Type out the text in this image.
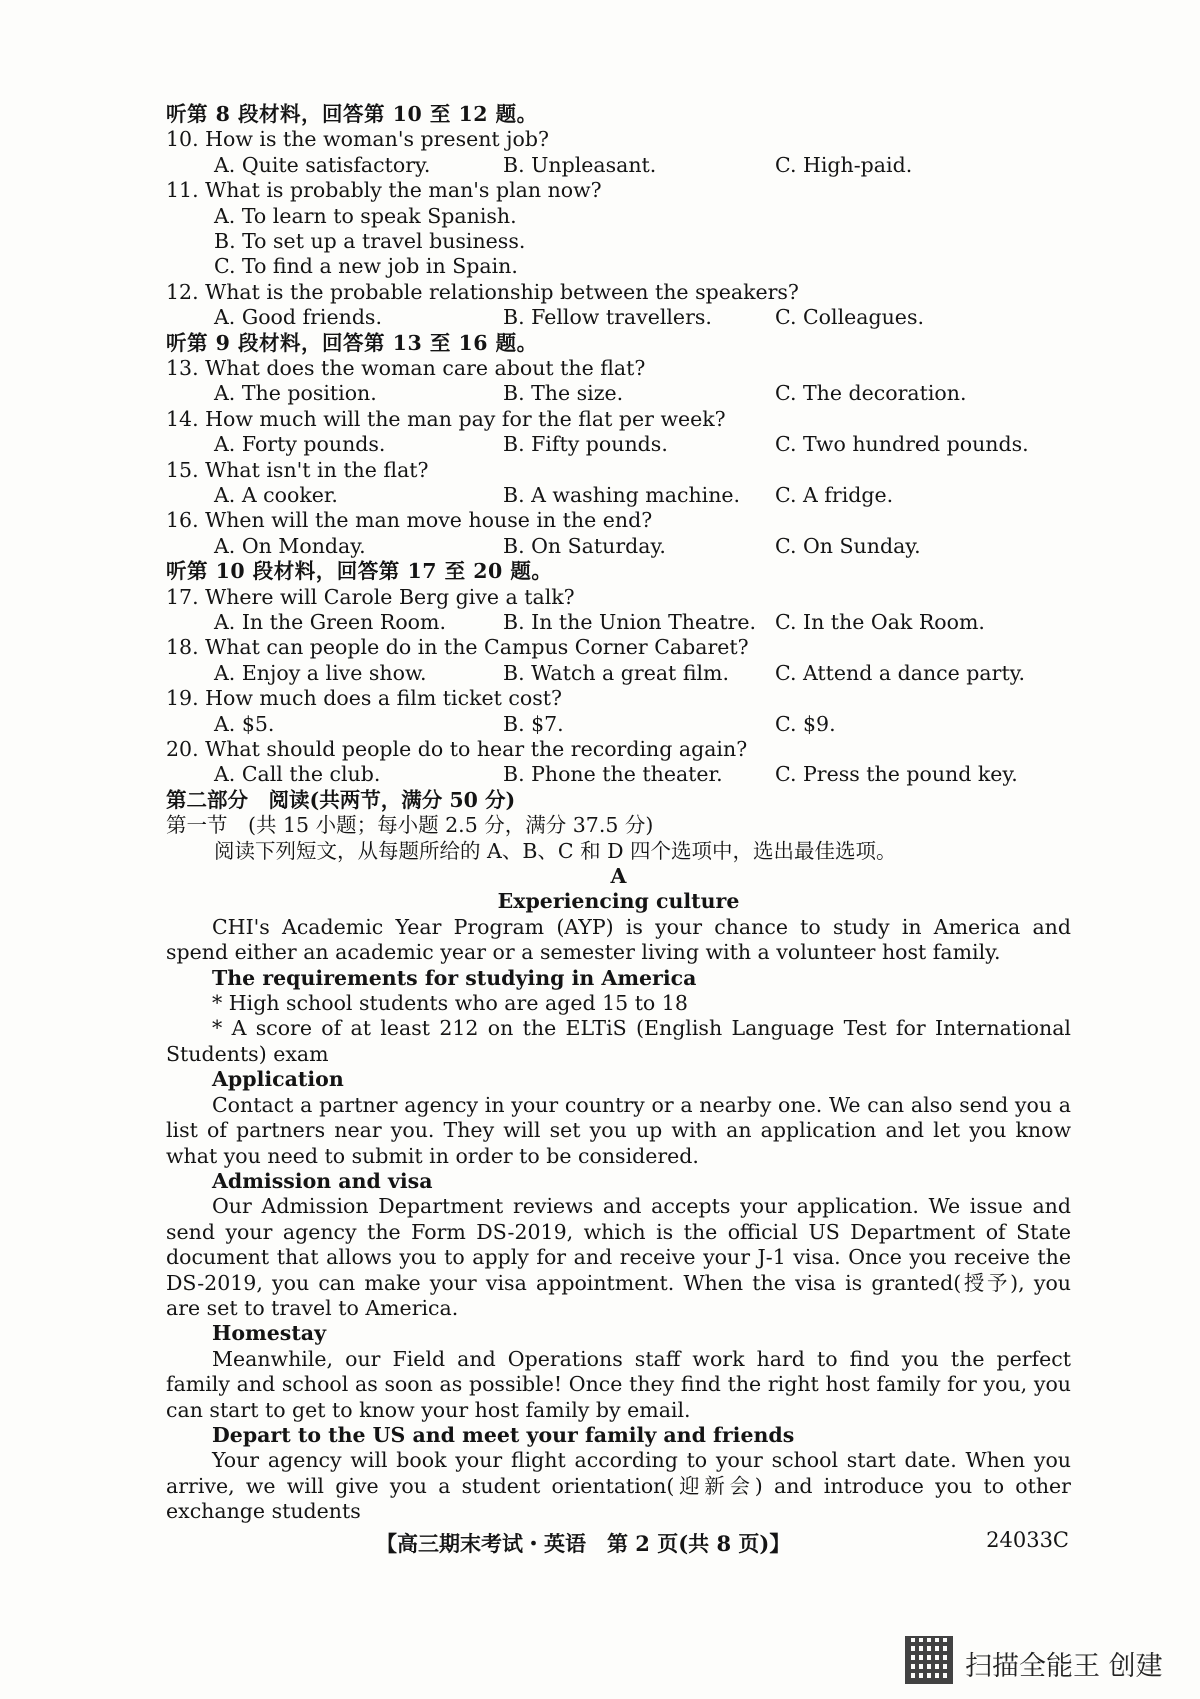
听第 8 段材料，回答第 10 至 12 题。
10. How is the woman's present job?
A. Quite satisfactory.	B. Unpleasant.	C. High-paid.
11. What is probably the man's plan now?
A. To learn to speak Spanish.
B. To set up a travel business.
C. To find a new job in Spain.
12. What is the probable relationship between the speakers?
A. Good friends.	B. Fellow travellers.	C. Colleagues.
听第 9 段材料，回答第 13 至 16 题。
13. What does the woman care about the flat?
A. The position.	B. The size.	C. The decoration.
14. How much will the man pay for the flat per week?
A. Forty pounds.	B. Fifty pounds.	C. Two hundred pounds.
15. What isn't in the flat?
A. A cooker.	B. A washing machine. C. A fridge.
16. When will the man move house in the end?
A. On Monday.	B. On Saturday.	C. On Sunday.
听第 10 段材料，回答第 17 至 20 题。
17. Where will Carole Berg give a talk?
A. In the Green Room.	B. In the Union Theatre. C. In the Oak Room.
18. What can people do in the Campus Corner Cabaret?
A. Enjoy a live show.	B. Watch a great film. C. Attend a dance party.
19. How much does a film ticket cost?
A. $5.	B. $7.	C. $9.
20. What should people do to hear the recording again?
A. Call the club.	B. Phone the theater.	C. Press the pound key.
第二部分　阅读(共两节，满分 50 分)
第一节　(共 15 小题；每小题 2.5 分，满分 37.5 分)
阅读下列短文，从每题所给的 A、B、C 和 D 四个选项中，选出最佳选项。
A
Experiencing culture
CHI's Academic Year Program (AYP) is your chance to study in America and spend either an academic year or a semester living with a volunteer host family.
The requirements for studying in America
* High school students who are aged 15 to 18
* A score of at least 212 on the ELTiS (English Language Test for International Students) exam
Application
Contact a partner agency in your country or a nearby one. We can also send you a list of partners near you. They will set you up with an application and let you know what you need to submit in order to be considered.
Admission and visa
Our Admission Department reviews and accepts your application. We issue and send your agency the Form DS-2019, which is the official US Department of State document that allows you to apply for and receive your J-1 visa. Once you receive the DS-2019, you can make your visa appointment. When the visa is granted(授予), you are set to travel to America.
Homestay
Meanwhile, our Field and Operations staff work hard to find you the perfect family and school as soon as possible! Once they find the right host family for you, you can start to get to know your host family by email.
Depart to the US and meet your family and friends
Your agency will book your flight according to your school start date. When you arrive, we will give you a student orientation(迎新会) and introduce you to other exchange students
【高三期末考试・英语　第 2 页(共 8 页)】	24033C
扫描全能王 创建
